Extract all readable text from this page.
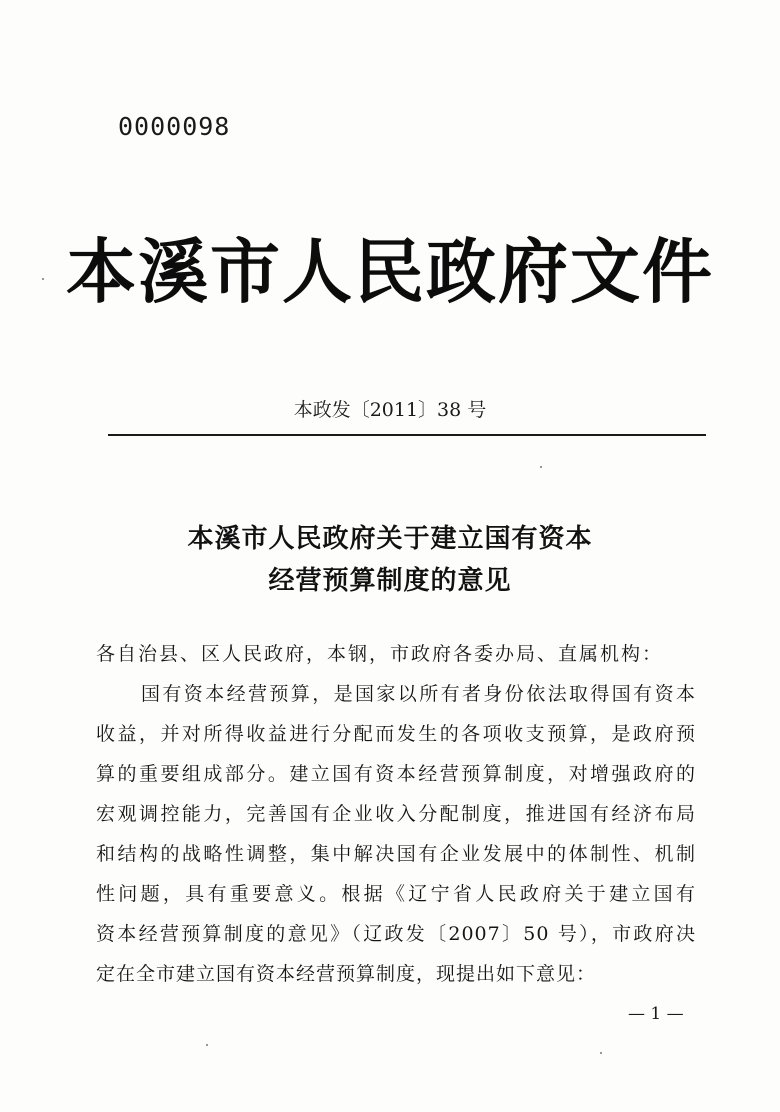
0000098
本溪市人民政府文件
本政发〔2011〕38 号
本溪市人民政府关于建立国有资本
经营预算制度的意见
各自治县、区人民政府，本钢，市政府各委办局、直属机构：
国有资本经营预算，是国家以所有者身份依法取得国有资本
收益，并对所得收益进行分配而发生的各项收支预算，是政府预
算的重要组成部分。建立国有资本经营预算制度，对增强政府的
宏观调控能力，完善国有企业收入分配制度，推进国有经济布局
和结构的战略性调整，集中解决国有企业发展中的体制性、机制
性问题，具有重要意义。根据《辽宁省人民政府关于建立国有
资本经营预算制度的意见》（辽政发〔2007〕50 号），市政府决
定在全市建立国有资本经营预算制度，现提出如下意见：
— 1 —
